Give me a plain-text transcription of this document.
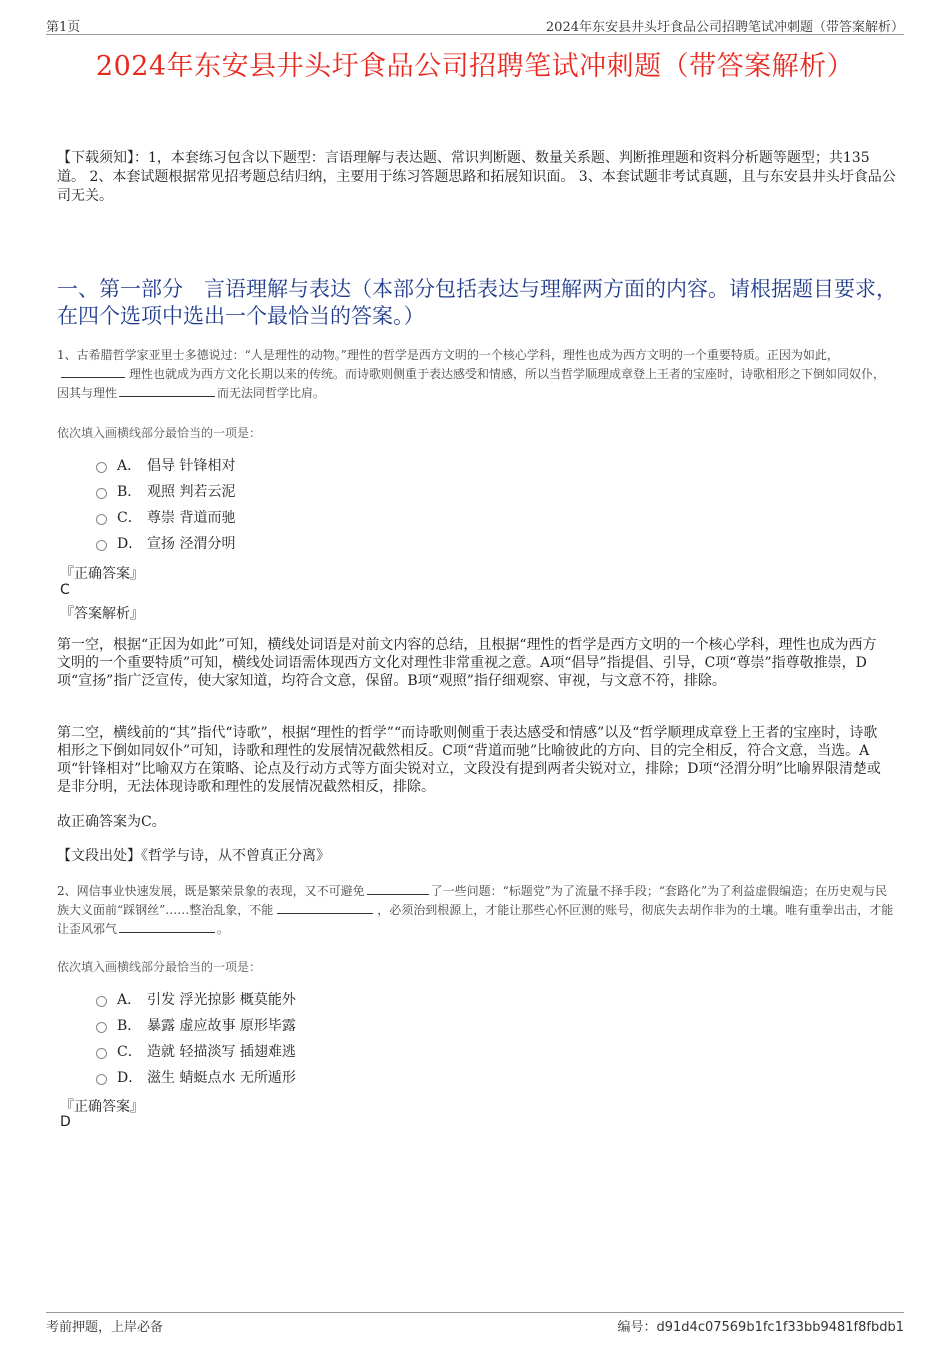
第1页	2024年东安县井头圩食品公司招聘笔试冲刺题（带答案解析）
2024年东安县井头圩食品公司招聘笔试冲刺题（带答案解析）
【下载须知】：1，本套练习包含以下题型：言语理解与表达题、常识判断题、数量关系题、判断推理题和资料分析题等题型；共135道。 2、本套试题根据常见招考题总结归纳，主要用于练习答题思路和拓展知识面。 3、本套试题非考试真题，且与东安县井头圩食品公司无关。
一、第一部分　言语理解与表达（本部分包括表达与理解两方面的内容。请根据题目要求，在四个选项中选出一个最恰当的答案。）
1、古希腊哲学家亚里士多德说过：“人是理性的动物。”理性的哲学是西方文明的一个核心学科，理性也成为西方文明的一个重要特质。正因为如此，理性也就成为西方文化长期以来的传统。而诗歌则侧重于表达感受和情感，所以当哲学顺理成章登上王者的宝座时，诗歌相形之下倒如同奴仆，因其与理性	而无法同哲学比肩。
依次填入画横线部分最恰当的一项是：
A． 倡导 针锋相对
B． 观照 判若云泥
C． 尊崇 背道而驰
D． 宣扬 泾渭分明
『正确答案』
C
『答案解析』
第一空，根据“正因为如此”可知，横线处词语是对前文内容的总结，且根据“理性的哲学是西方文明的一个核心学科，理性也成为西方文明的一个重要特质”可知，横线处词语需体现西方文化对理性非常重视之意。A项“倡导”指提倡、引导，C项“尊崇”指尊敬推崇，D项“宣扬”指广泛宣传，使大家知道，均符合文意，保留。B项“观照”指仔细观察、审视，与文意不符，排除。
第二空，横线前的“其”指代“诗歌”，根据“理性的哲学”“而诗歌则侧重于表达感受和情感”以及“哲学顺理成章登上王者的宝座时，诗歌相形之下倒如同奴仆”可知，诗歌和理性的发展情况截然相反。C项“背道而驰”比喻彼此的方向、目的完全相反，符合文意，当选。A项“针锋相对”比喻双方在策略、论点及行动方式等方面尖锐对立，文段没有提到两者尖锐对立，排除；D项“泾渭分明”比喻界限清楚或是非分明，无法体现诗歌和理性的发展情况截然相反，排除。
故正确答案为C。
【文段出处】《哲学与诗，从不曾真正分离》
2、网信事业快速发展，既是繁荣景象的表现，又不可避免	了一些问题：“标题党”为了流量不择手段；“套路化”为了利益虚假编造；在历史观与民族大义面前“踩钢丝”……整治乱象，不能	，必须治到根源上，才能让那些心怀叵测的账号，彻底失去胡作非为的土壤。唯有重拳出击，才能让歪风邪气	。
依次填入画横线部分最恰当的一项是：
A． 引发 浮光掠影 概莫能外
B． 暴露 虚应故事 原形毕露
C． 造就 轻描淡写 插翅难逃
D． 滋生 蜻蜓点水 无所遁形
『正确答案』
D
考前押题，上岸必备	编号：d91d4c07569b1fc1f33bb9481f8fbdb1
